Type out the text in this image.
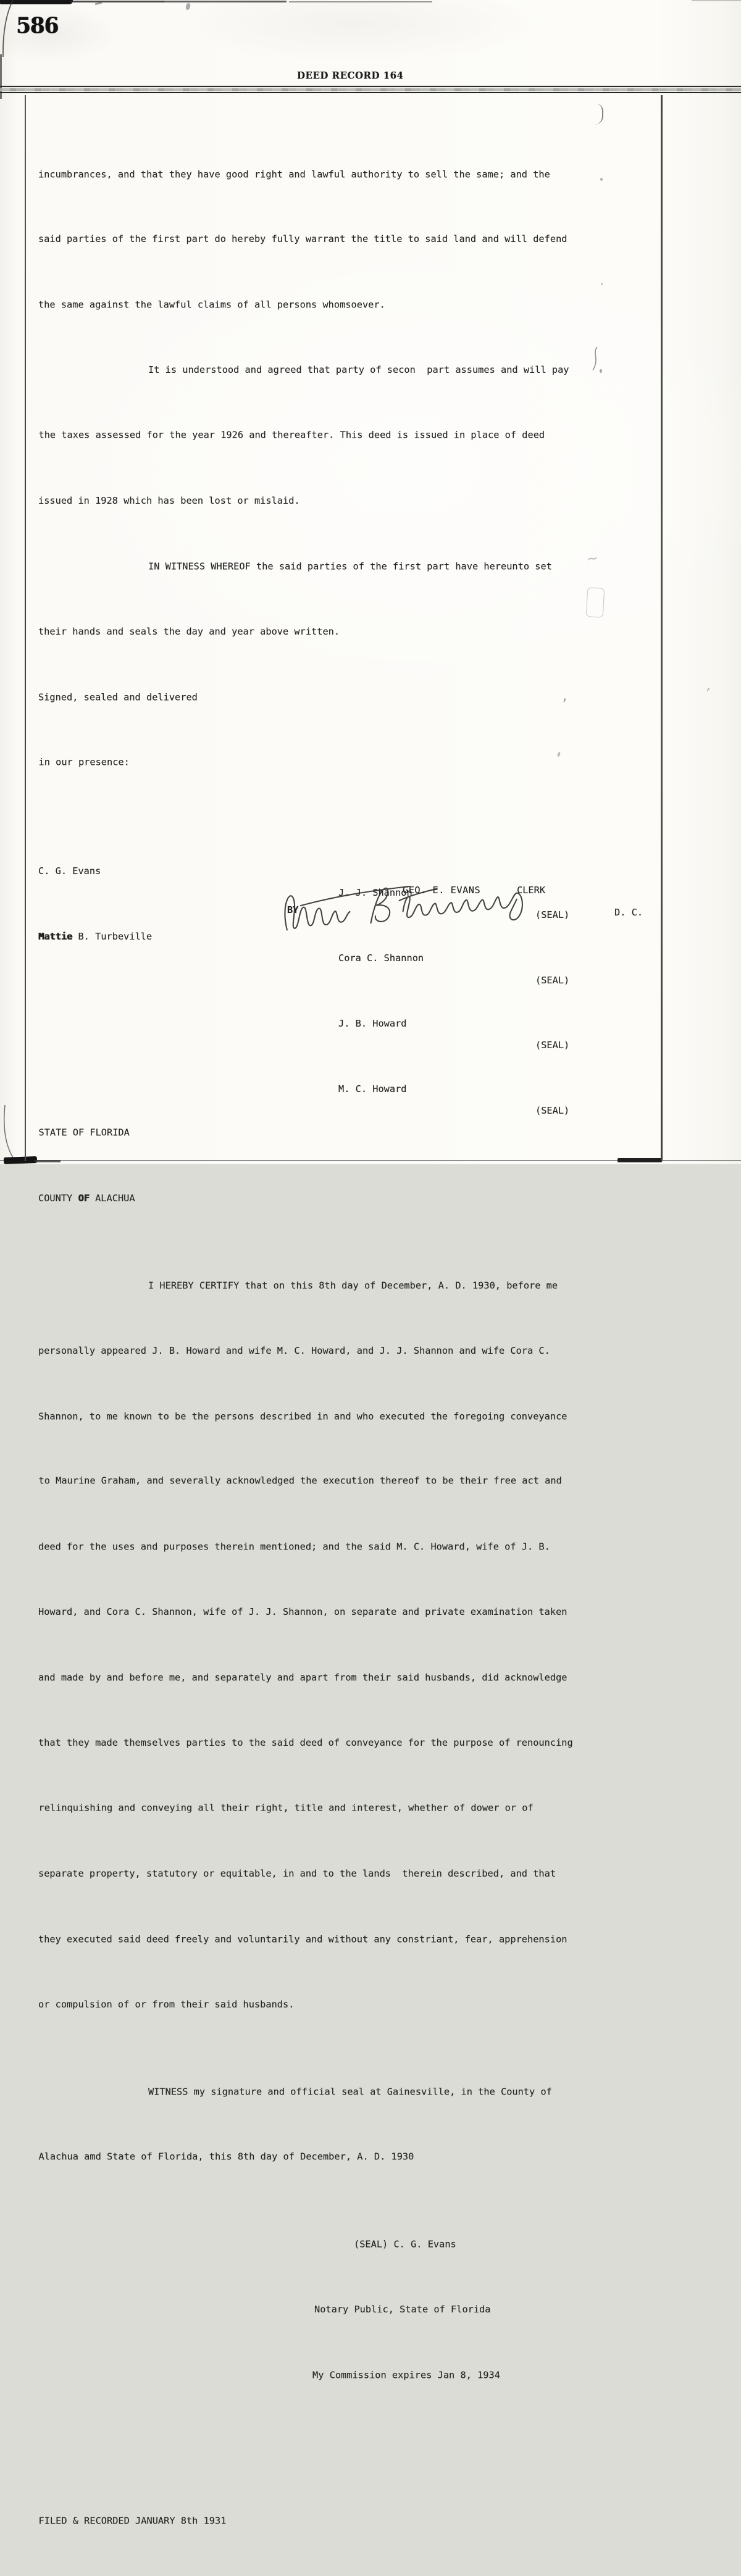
~
’
’
586
DEED RECORD 164

incumbrances, and that they have good right and lawful authority to sell the same; and the

said parties of the first part do hereby fully warrant the title to said land and will defend

the same against the lawful claims of all persons whomsoever.

It is understood and agreed that party of secon  part assumes and will pay

the taxes assessed for the year 1926 and thereafter. This deed is issued in place of deed

issued in 1928 which has been lost or mislaid.

IN WITNESS WHEREOF the said parties of the first part have hereunto set

their hands and seals the day and year above written.

Signed, sealed and delivered

in our presence:

C. G. Evans

J. J. Shannon

(SEAL)

Mattie B. Turbeville

Cora C. Shannon

(SEAL)

J. B. Howard

(SEAL)

M. C. Howard

(SEAL)

STATE OF FLORIDA

COUNTY OF ALACHUA

I HEREBY CERTIFY that on this 8th day of December, A. D. 1930, before me

personally appeared J. B. Howard and wife M. C. Howard, and J. J. Shannon and wife Cora C.

Shannon, to me known to be the persons described in and who executed the foregoing conveyance

to Maurine Graham, and severally acknowledged the execution thereof to be their free act and

deed for the uses and purposes therein mentioned; and the said M. C. Howard, wife of J. B.

Howard, and Cora C. Shannon, wife of J. J. Shannon, on separate and private examination taken

and made by and before me, and separately and apart from their said husbands, did acknowledge

that they made themselves parties to the said deed of conveyance for the purpose of renouncing

relinquishing and conveying all their right, title and interest, whether of dower or of

separate property, statutory or equitable, in and to the lands  therein described, and that

they executed said deed freely and voluntarily and without any constriant, fear, apprehension

or compulsion of or from their said husbands.

WITNESS my signature and official seal at Gainesville, in the County of

Alachua amd State of Florida, this 8th day of December, A. D. 1930

(SEAL) C. G. Evans

Notary Public, State of Florida

My Commission expires Jan 8, 1934

FILED & RECORDED JANUARY 8th 1931

GEO. E. EVANS	CLERK
BY	D. C.
